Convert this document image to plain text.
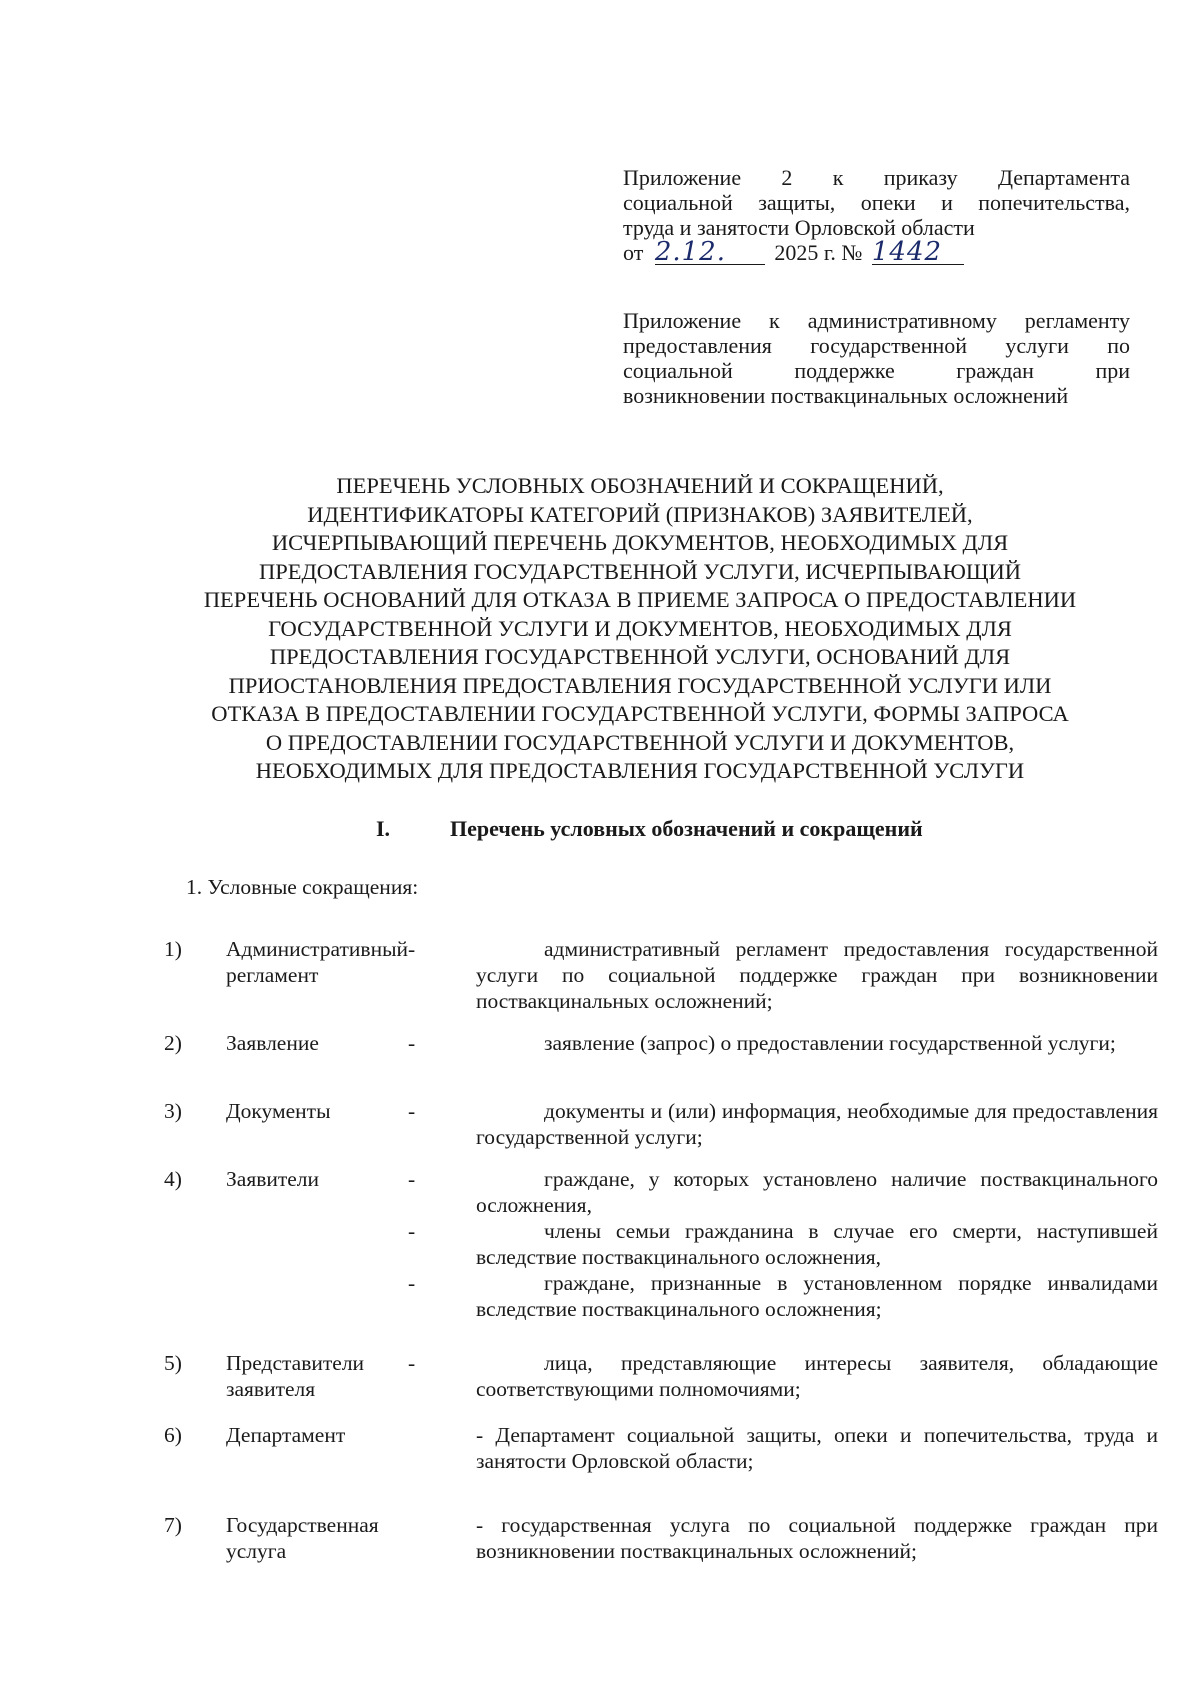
Приложение 2 к приказу Департамента
социальной защиты, опеки и попечительства,
труда и занятости Орловской области
от 2.12. 2025 г. № 1442
Приложение к административному регламенту
предоставления государственной услуги по
социальной поддержке граждан при
возникновении поствакцинальных осложнений
ПЕРЕЧЕНЬ УСЛОВНЫХ ОБОЗНАЧЕНИЙ И СОКРАЩЕНИЙ,
ИДЕНТИФИКАТОРЫ КАТЕГОРИЙ (ПРИЗНАКОВ) ЗАЯВИТЕЛЕЙ,
ИСЧЕРПЫВАЮЩИЙ ПЕРЕЧЕНЬ ДОКУМЕНТОВ, НЕОБХОДИМЫХ ДЛЯ
ПРЕДОСТАВЛЕНИЯ ГОСУДАРСТВЕННОЙ УСЛУГИ, ИСЧЕРПЫВАЮЩИЙ
ПЕРЕЧЕНЬ ОСНОВАНИЙ ДЛЯ ОТКАЗА В ПРИЕМЕ ЗАПРОСА О ПРЕДОСТАВЛЕНИИ
ГОСУДАРСТВЕННОЙ УСЛУГИ И ДОКУМЕНТОВ, НЕОБХОДИМЫХ ДЛЯ
ПРЕДОСТАВЛЕНИЯ ГОСУДАРСТВЕННОЙ УСЛУГИ, ОСНОВАНИЙ ДЛЯ
ПРИОСТАНОВЛЕНИЯ ПРЕДОСТАВЛЕНИЯ ГОСУДАРСТВЕННОЙ УСЛУГИ ИЛИ
ОТКАЗА В ПРЕДОСТАВЛЕНИИ ГОСУДАРСТВЕННОЙ УСЛУГИ, ФОРМЫ ЗАПРОСА
О ПРЕДОСТАВЛЕНИИ ГОСУДАРСТВЕННОЙ УСЛУГИ И ДОКУМЕНТОВ,
НЕОБХОДИМЫХ ДЛЯ ПРЕДОСТАВЛЕНИЯ ГОСУДАРСТВЕННОЙ УСЛУГИ
I.	Перечень условных обозначений и сокращений
1. Условные сокращения:
1) Административный
регламент
-	административный регламент предоставления государственной услуги по социальной поддержке граждан при возникновении поствакцинальных осложнений;
2) Заявление	-	заявление (запрос) о предоставлении государственной услуги;
3) Документы	-	документы и (или) информация, необходимые для предоставления государственной услуги;
4) Заявители	-	граждане, у которых установлено наличие поствакцинального осложнения,
-	члены семьи гражданина в случае его смерти, наступившей вследствие поствакцинального осложнения,
-	граждане, признанные в установленном порядке инвалидами вследствие поствакцинального осложнения;
5) Представители
заявителя
-	лица, представляющие интересы заявителя, обладающие соответствующими полномочиями;
6) Департамент	- Департамент социальной защиты, опеки и попечительства, труда и занятости Орловской области;
7) Государственная
услуга
- государственная услуга по социальной поддержке граждан при возникновении поствакцинальных осложнений;
